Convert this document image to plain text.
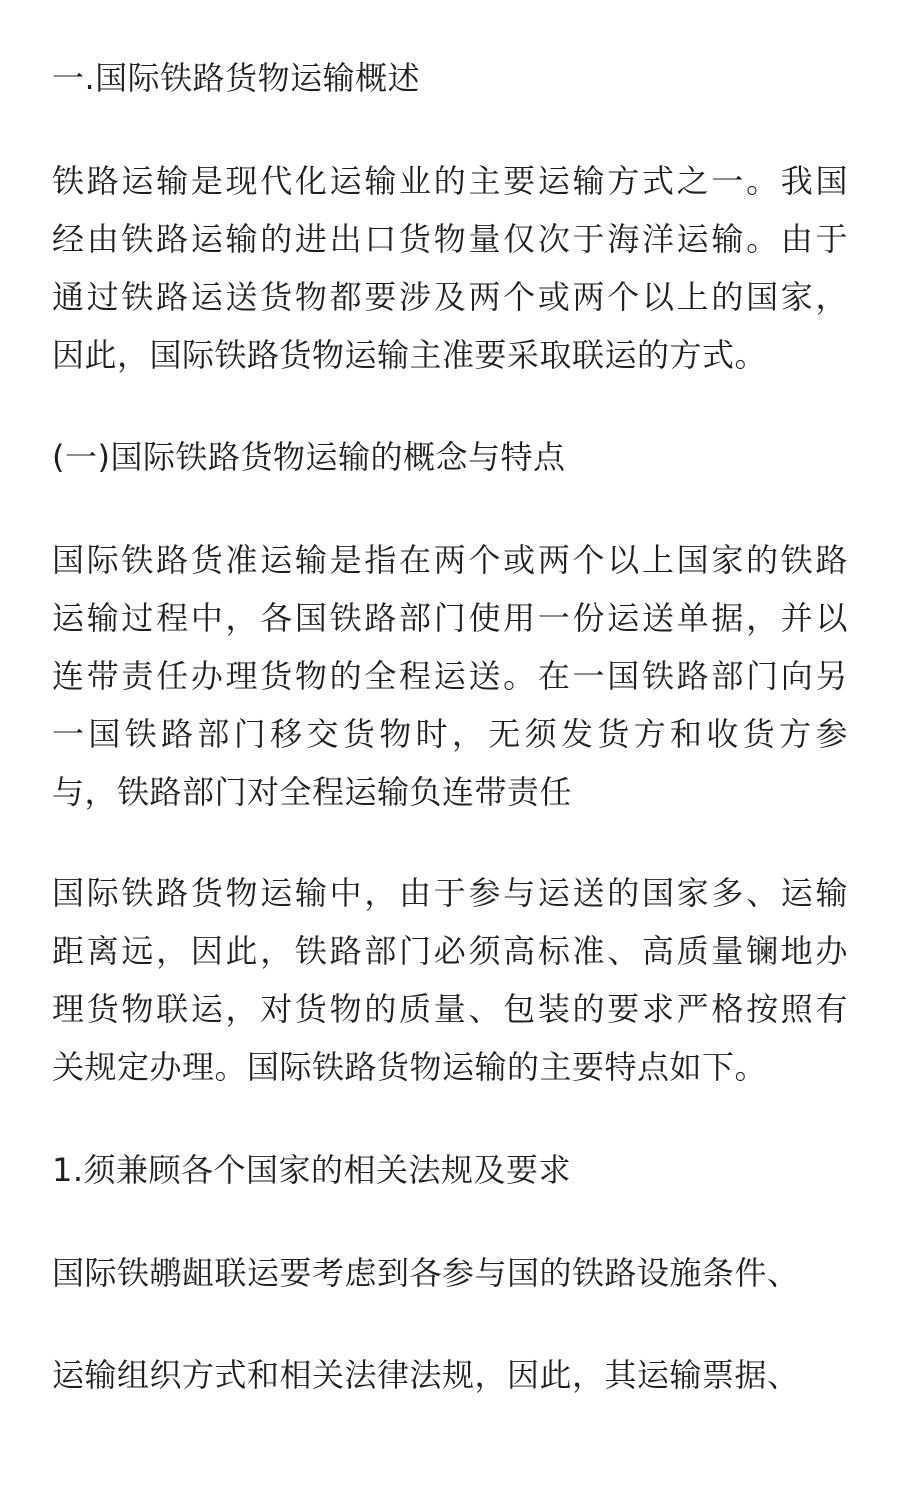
一.国际铁路货物运输概述
铁路运输是现代化运输业的主要运输方式之一。我国
经由铁路运输的进出口货物量仅次于海洋运输。由于
通过铁路运送货物都要涉及两个或两个以上的国家，
因此，国际铁路货物运输主准要采取联运的方式。
(一)国际铁路货物运输的概念与特点
国际铁路货准运输是指在两个或两个以上国家的铁路
运输过程中，各国铁路部门使用一份运送单据，并以
连带责任办理货物的全程运送。在一国铁路部门向另
一国铁路部门移交货物时，无须发货方和收货方参
与，铁路部门对全程运输负连带责任
国际铁路货物运输中，由于参与运送的国家多、运输
距离远，因此，铁路部门必须高标准、高质量镧地办
理货物联运，对货物的质量、包装的要求严格按照有
关规定办理。国际铁路货物运输的主要特点如下。
1.须兼顾各个国家的相关法规及要求
国际铁鹕龃联运要考虑到各参与国的铁路设施条件、
运输组织方式和相关法律法规，因此，其运输票据、
